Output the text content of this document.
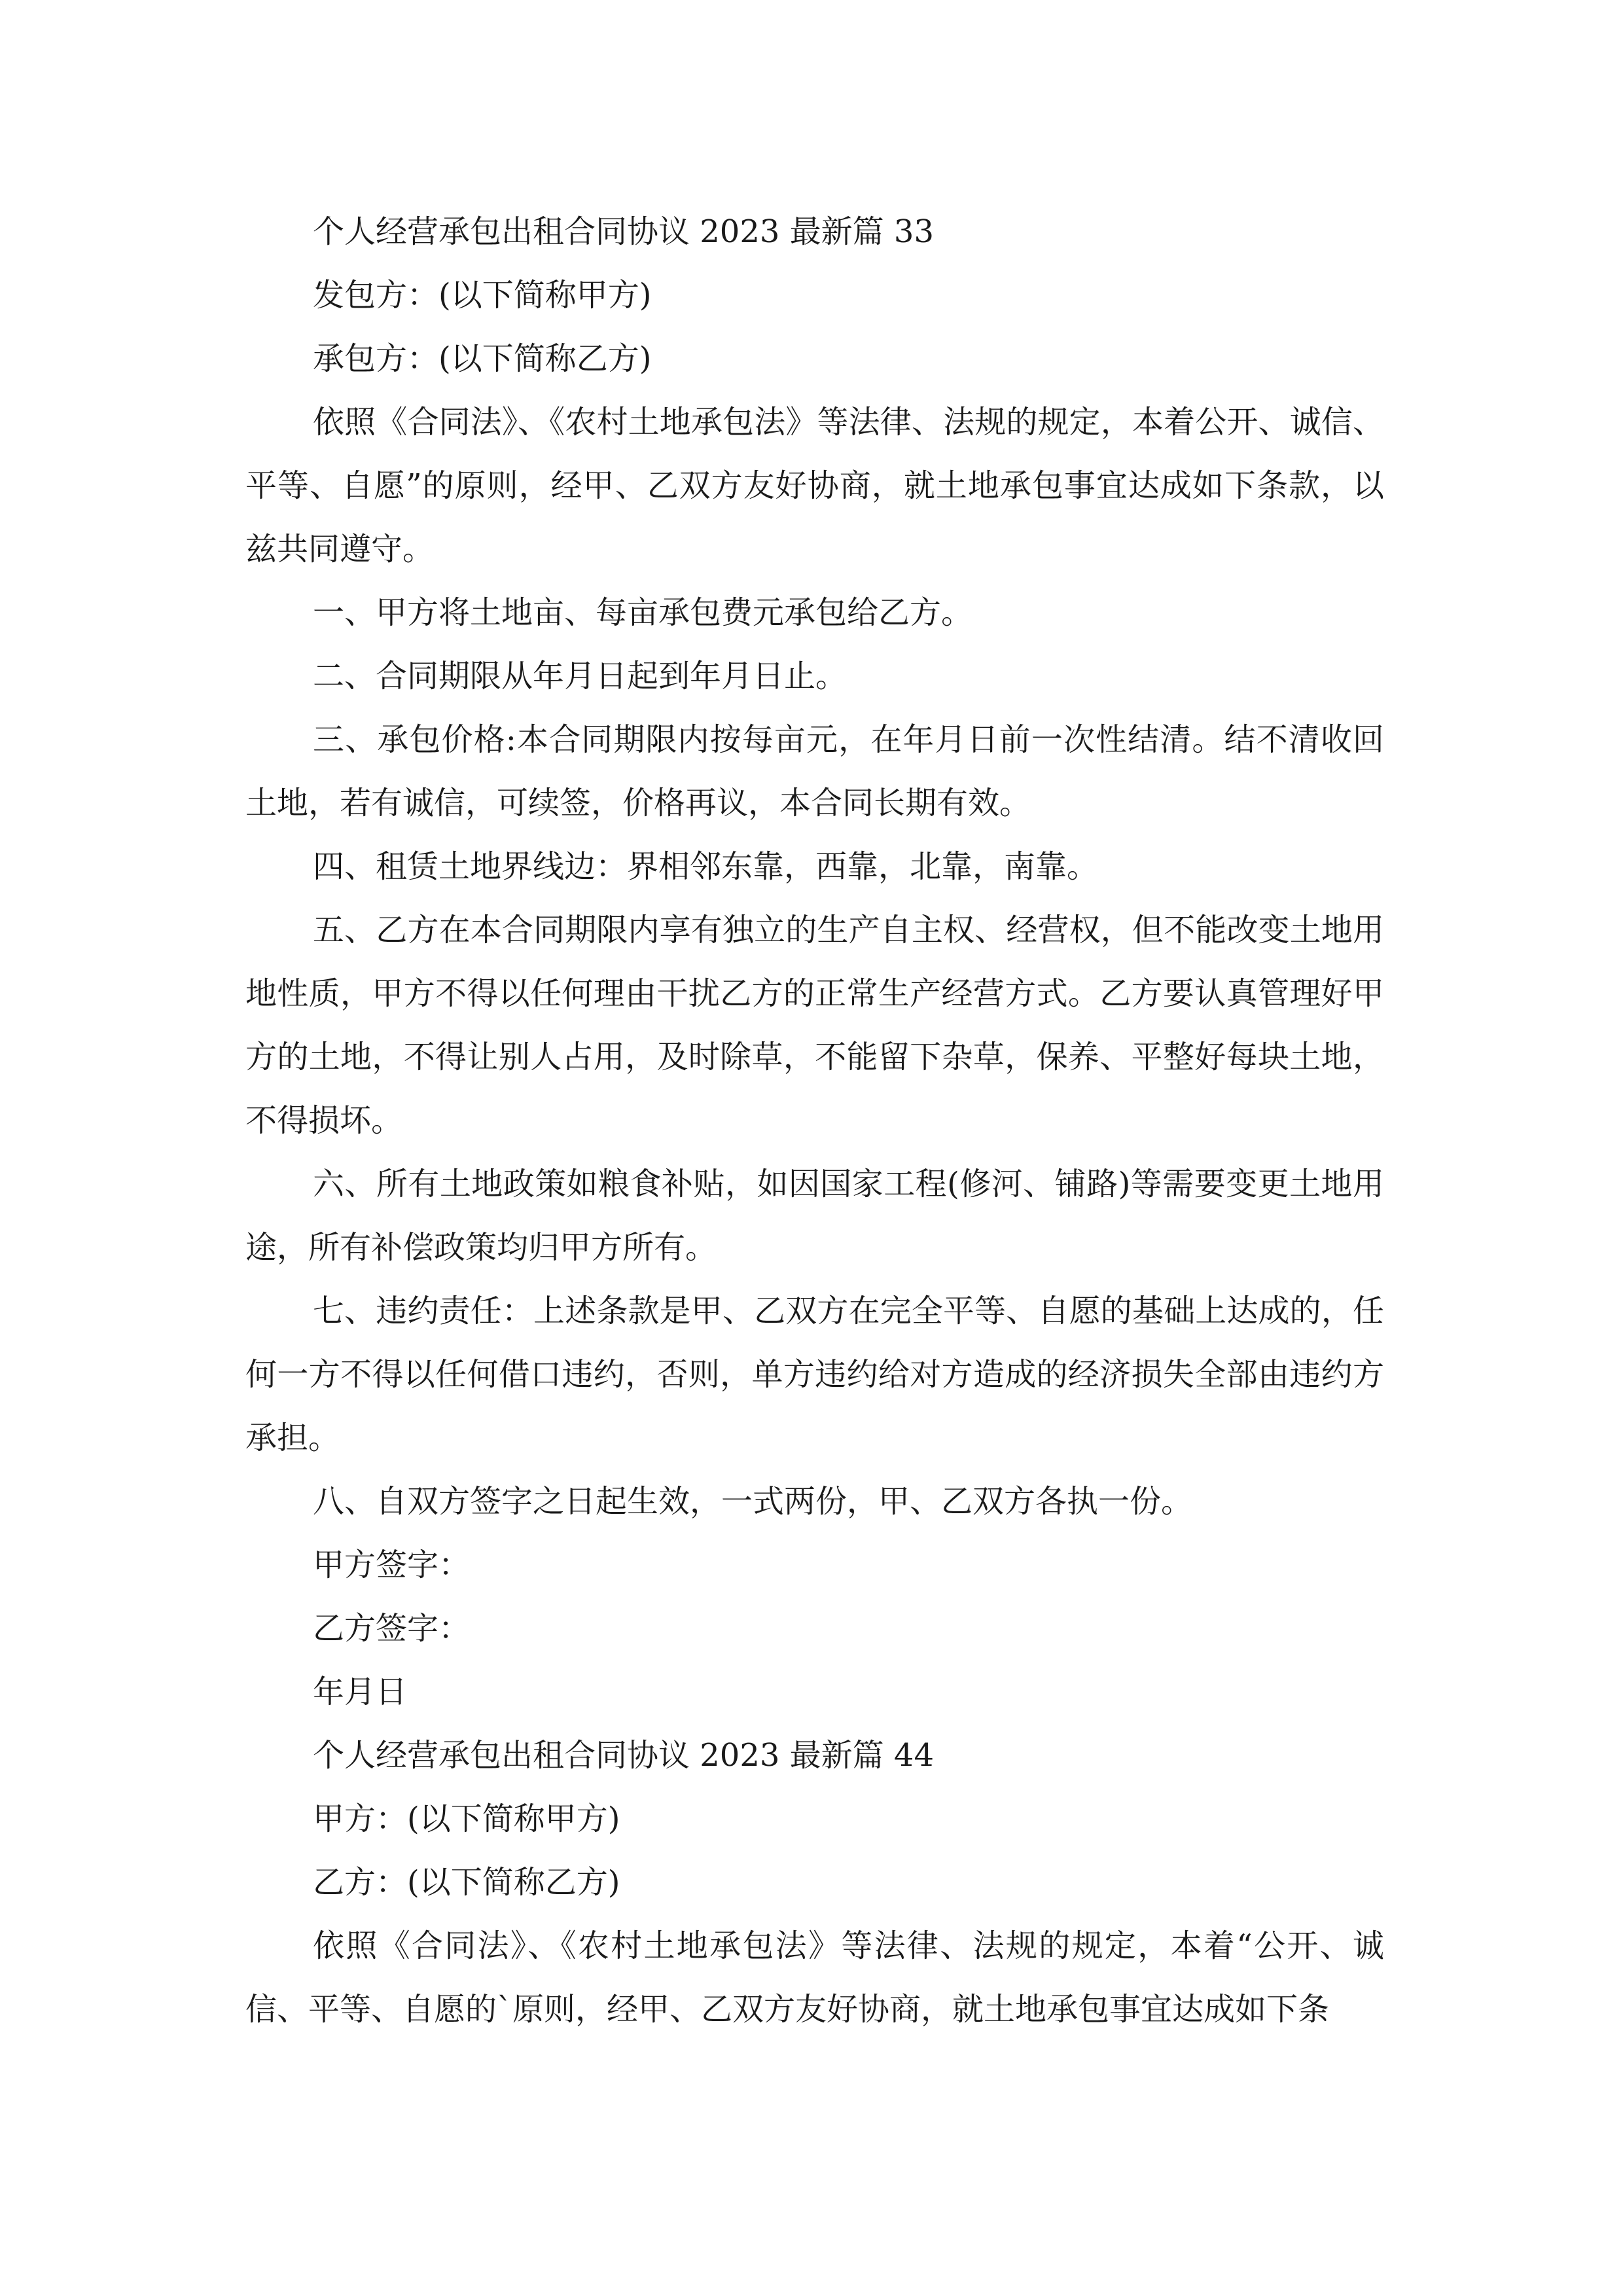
个人经营承包出租合同协议 2023 最新篇 33

发包方：(以下简称甲方)

承包方：(以下简称乙方)

依照《合同法》、《农村土地承包法》等法律、法规的规定，本着公开、诚信、平等、自愿”的原则，经甲、乙双方友好协商，就土地承包事宜达成如下条款，以兹共同遵守。

一、甲方将土地亩、每亩承包费元承包给乙方。

二、合同期限从年月日起到年月日止。

三、承包价格:本合同期限内按每亩元，在年月日前一次性结清。结不清收回土地，若有诚信，可续签，价格再议，本合同长期有效。

四、租赁土地界线边：界相邻东靠，西靠，北靠，南靠。

五、乙方在本合同期限内享有独立的生产自主权、经营权，但不能改变土地用地性质，甲方不得以任何理由干扰乙方的正常生产经营方式。乙方要认真管理好甲方的土地，不得让别人占用，及时除草，不能留下杂草，保养、平整好每块土地，不得损坏。

六、所有土地政策如粮食补贴，如因国家工程(修河、铺路)等需要变更土地用途，所有补偿政策均归甲方所有。

七、违约责任：上述条款是甲、乙双方在完全平等、自愿的基础上达成的，任何一方不得以任何借口违约，否则，单方违约给对方造成的经济损失全部由违约方承担。

八、自双方签字之日起生效，一式两份，甲、乙双方各执一份。

甲方签字：

乙方签字：

年月日

个人经营承包出租合同协议 2023 最新篇 44

甲方：(以下简称甲方)

乙方：(以下简称乙方)

依照《合同法》、《农村土地承包法》等法律、法规的规定，本着“公开、诚信、平等、自愿的`原则，经甲、乙双方友好协商，就土地承包事宜达成如下条
